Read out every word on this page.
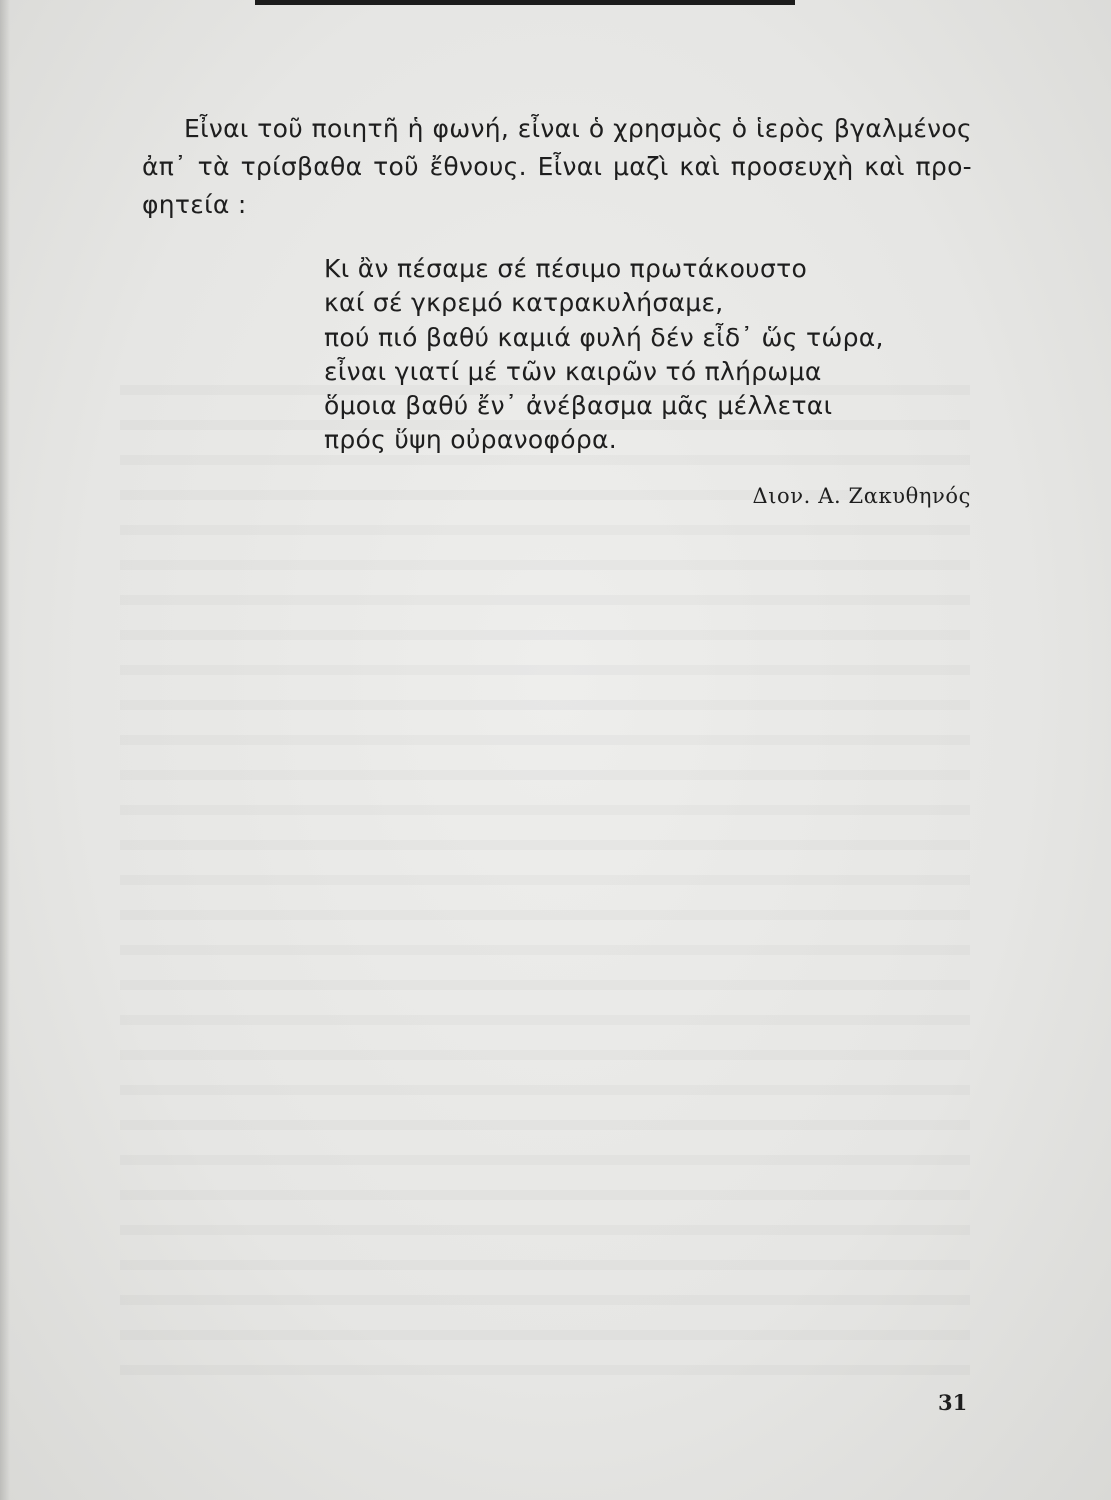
Εἶναι τοῦ ποιητῆ ἡ φωνή, εἶναι ὁ χρησμὸς ὁ ἱερὸς βγαλμένος
ἀπ᾽ τὰ τρίσβαθα τοῦ ἔθνους. Εἶναι μαζὶ καὶ προσευχὴ καὶ προ-
φητεία :
Κι ἂν πέσαμε σέ πέσιμο πρωτάκουστο
καί σέ γκρεμό κατρακυλήσαμε,
πού πιό βαθύ καμιά φυλή δέν εἶδ᾽ ὥς τώρα,
εἶναι γιατί μέ τῶν καιρῶν τό πλήρωμα
ὅμοια βαθύ ἔν᾽ ἀνέβασμα μᾶς μέλλεται
πρός ὕψη οὐρανοφόρα.
Διον. Α. Ζακυθηνός
31
